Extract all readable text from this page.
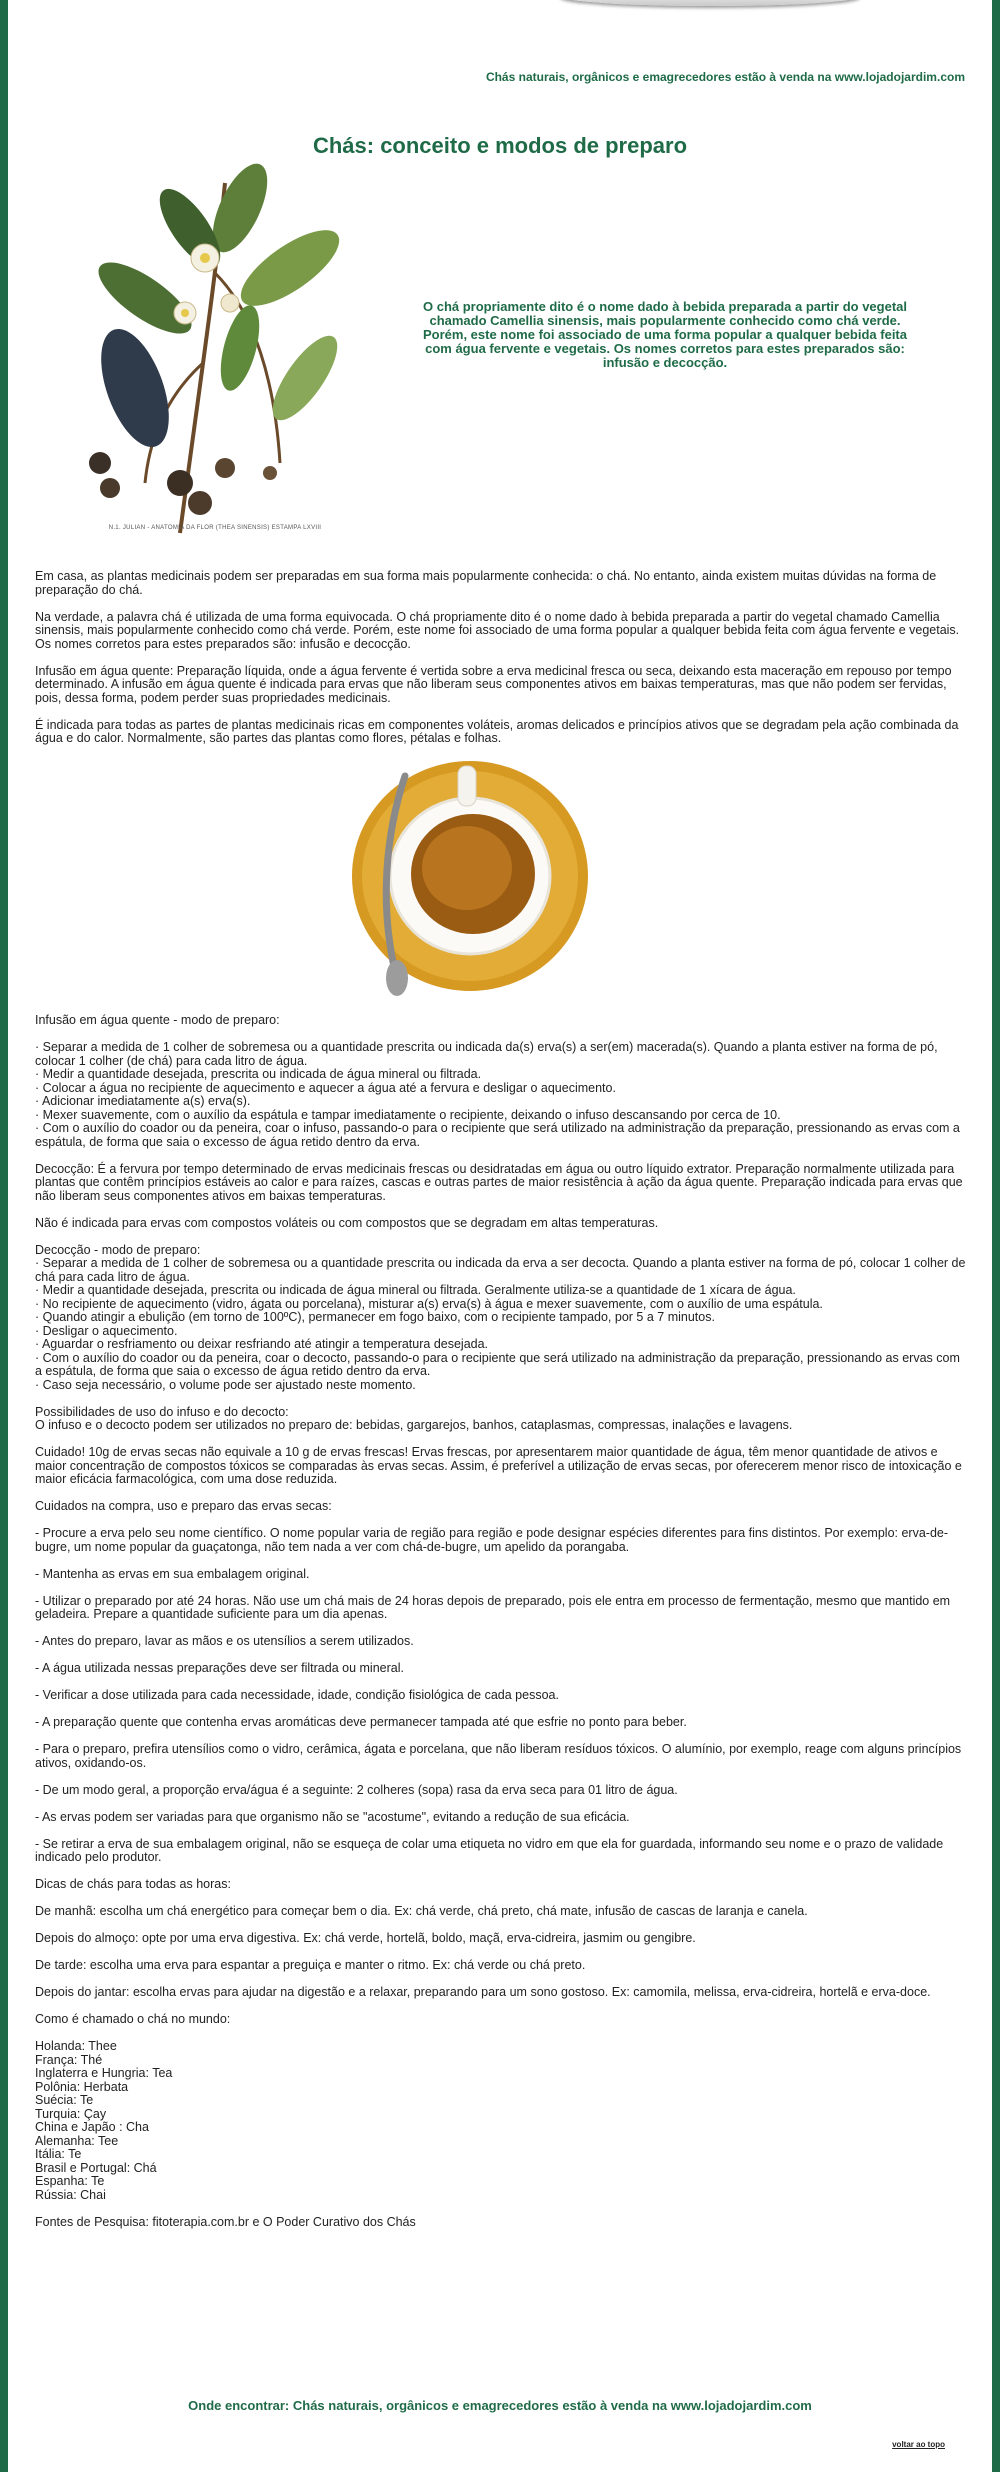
Chás naturais, orgânicos e emagrecedores estão à venda na www.lojadojardim.com
Chás: conceito e modos de preparo
N.1. JULIAN - ANATOMIA DA FLOR (THEA SINENSIS) ESTAMPA LXVIII

O chá propriamente dito é o nome dado à bebida preparada a partir do vegetal chamado Camellia sinensis, mais popularmente conhecido como chá verde. Porém, este nome foi associado de uma forma popular a qualquer bebida feita com água fervente e vegetais. Os nomes corretos para estes preparados são: infusão e decocção.

Em casa, as plantas medicinais podem ser preparadas em sua forma mais popularmente conhecida: o chá. No entanto, ainda existem muitas dúvidas na forma de preparação do chá.

Na verdade, a palavra chá é utilizada de uma forma equivocada. O chá propriamente dito é o nome dado à bebida preparada a partir do vegetal chamado Camellia sinensis, mais popularmente conhecido como chá verde. Porém, este nome foi associado de uma forma popular a qualquer bebida feita com água fervente e vegetais. Os nomes corretos para estes preparados são: infusão e decocção.

Infusão em água quente: Preparação líquida, onde a água fervente é vertida sobre a erva medicinal fresca ou seca, deixando esta maceração em repouso por tempo determinado. A infusão em água quente é indicada para ervas que não liberam seus componentes ativos em baixas temperaturas, mas que não podem ser fervidas, pois, dessa forma, podem perder suas propriedades medicinais.

É indicada para todas as partes de plantas medicinais ricas em componentes voláteis, aromas delicados e princípios ativos que se degradam pela ação combinada da água e do calor. Normalmente, são partes das plantas como flores, pétalas e folhas.

Infusão em água quente - modo de preparo:

· Separar a medida de 1 colher de sobremesa ou a quantidade prescrita ou indicada da(s) erva(s) a ser(em) macerada(s). Quando a planta estiver na forma de pó, colocar 1 colher (de chá) para cada litro de água.

· Medir a quantidade desejada, prescrita ou indicada de água mineral ou filtrada.

· Colocar a água no recipiente de aquecimento e aquecer a água até a fervura e desligar o aquecimento.

· Adicionar imediatamente a(s) erva(s).

· Mexer suavemente, com o auxílio da espátula e tampar imediatamente o recipiente, deixando o infuso descansando por cerca de 10.

· Com o auxílio do coador ou da peneira, coar o infuso, passando-o para o recipiente que será utilizado na administração da preparação, pressionando as ervas com a espátula, de forma que saia o excesso de água retido dentro da erva.

Decocção: É a fervura por tempo determinado de ervas medicinais frescas ou desidratadas em água ou outro líquido extrator. Preparação normalmente utilizada para plantas que contêm princípios estáveis ao calor e para raízes, cascas e outras partes de maior resistência à ação da água quente. Preparação indicada para ervas que não liberam seus componentes ativos em baixas temperaturas.

Não é indicada para ervas com compostos voláteis ou com compostos que se degradam em altas temperaturas.

Decocção - modo de preparo:

· Separar a medida de 1 colher de sobremesa ou a quantidade prescrita ou indicada da erva a ser decocta. Quando a planta estiver na forma de pó, colocar 1 colher de chá para cada litro de água.

· Medir a quantidade desejada, prescrita ou indicada de água mineral ou filtrada. Geralmente utiliza-se a quantidade de 1 xícara de água.

· No recipiente de aquecimento (vidro, ágata ou porcelana), misturar a(s) erva(s) à água e mexer suavemente, com o auxílio de uma espátula.

· Quando atingir a ebulição (em torno de 100ºC), permanecer em fogo baixo, com o recipiente tampado, por 5 a 7 minutos.

· Desligar o aquecimento.

· Aguardar o resfriamento ou deixar resfriando até atingir a temperatura desejada.

· Com o auxílio do coador ou da peneira, coar o decocto, passando-o para o recipiente que será utilizado na administração da preparação, pressionando as ervas com a espátula, de forma que saia o excesso de água retido dentro da erva.

· Caso seja necessário, o volume pode ser ajustado neste momento.

Possibilidades de uso do infuso e do decocto:

O infuso e o decocto podem ser utilizados no preparo de: bebidas, gargarejos, banhos, cataplasmas, compressas, inalações e lavagens.

Cuidado! 10g de ervas secas não equivale a 10 g de ervas frescas! Ervas frescas, por apresentarem maior quantidade de água, têm menor quantidade de ativos e maior concentração de compostos tóxicos se comparadas às ervas secas. Assim, é preferível a utilização de ervas secas, por oferecerem menor risco de intoxicação e maior eficácia farmacológica, com uma dose reduzida.

Cuidados na compra, uso e preparo das ervas secas:

- Procure a erva pelo seu nome científico. O nome popular varia de região para região e pode designar espécies diferentes para fins distintos. Por exemplo: erva-de-bugre, um nome popular da guaçatonga, não tem nada a ver com chá-de-bugre, um apelido da porangaba.

- Mantenha as ervas em sua embalagem original.

- Utilizar o preparado por até 24 horas. Não use um chá mais de 24 horas depois de preparado, pois ele entra em processo de fermentação, mesmo que mantido em geladeira. Prepare a quantidade suficiente para um dia apenas.

- Antes do preparo, lavar as mãos e os utensílios a serem utilizados.

- A água utilizada nessas preparações deve ser filtrada ou mineral.

- Verificar a dose utilizada para cada necessidade, idade, condição fisiológica de cada pessoa.

- A preparação quente que contenha ervas aromáticas deve permanecer tampada até que esfrie no ponto para beber.

- Para o preparo, prefira utensílios como o vidro, cerâmica, ágata e porcelana, que não liberam resíduos tóxicos. O alumínio, por exemplo, reage com alguns princípios ativos, oxidando-os.

- De um modo geral, a proporção erva/água é a seguinte: 2 colheres (sopa) rasa da erva seca para 01 litro de água.

- As ervas podem ser variadas para que organismo não se "acostume", evitando a redução de sua eficácia.

- Se retirar a erva de sua embalagem original, não se esqueça de colar uma etiqueta no vidro em que ela for guardada, informando seu nome e o prazo de validade indicado pelo produtor.

Dicas de chás para todas as horas:

De manhã: escolha um chá energético para começar bem o dia. Ex: chá verde, chá preto, chá mate, infusão de cascas de laranja e canela.

Depois do almoço: opte por uma erva digestiva. Ex: chá verde, hortelã, boldo, maçã, erva-cidreira, jasmim ou gengibre.

De tarde: escolha uma erva para espantar a preguiça e manter o ritmo. Ex: chá verde ou chá preto.

Depois do jantar: escolha ervas para ajudar na digestão e a relaxar, preparando para um sono gostoso. Ex: camomila, melissa, erva-cidreira, hortelã e erva-doce.

Como é chamado o chá no mundo:

Holanda: Thee

França: Thé

Inglaterra e Hungria: Tea

Polônia: Herbata

Suécia: Te

Turquia: Çay

China e Japão : Cha

Alemanha: Tee

Itália: Te

Brasil e Portugal: Chá

Espanha: Te

Rússia: Chai

Fontes de Pesquisa: fitoterapia.com.br e O Poder Curativo dos Chás

Onde encontrar: Chás naturais, orgânicos e emagrecedores estão à venda na www.lojadojardim.com
voltar ao topo
